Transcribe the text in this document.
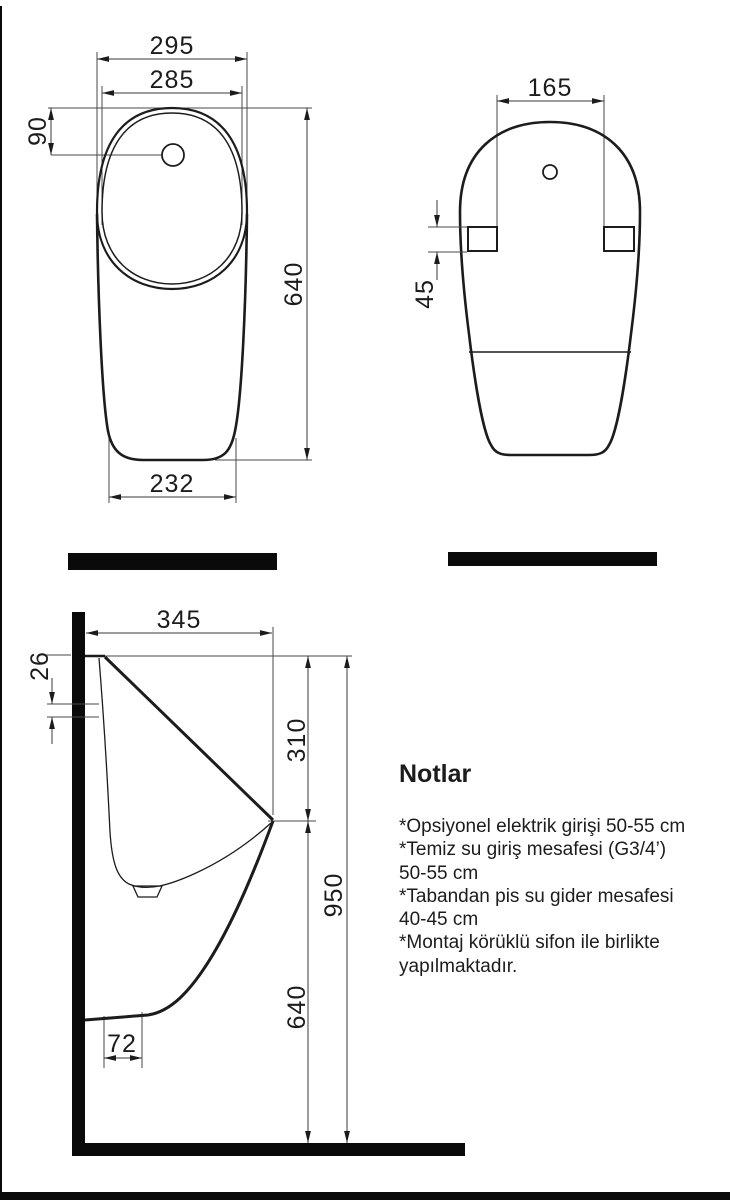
295
285
90
640
232
165
45
345
26
310
640
950
72
Notlar
*Opsiyonel elektrik girişi 50-55 cm
*Temiz su giriş mesafesi (G3/4’)
50-55 cm
*Tabandan pis su gider mesafesi
40-45 cm
*Montaj körüklü sifon ile birlikte
yapılmaktadır.
